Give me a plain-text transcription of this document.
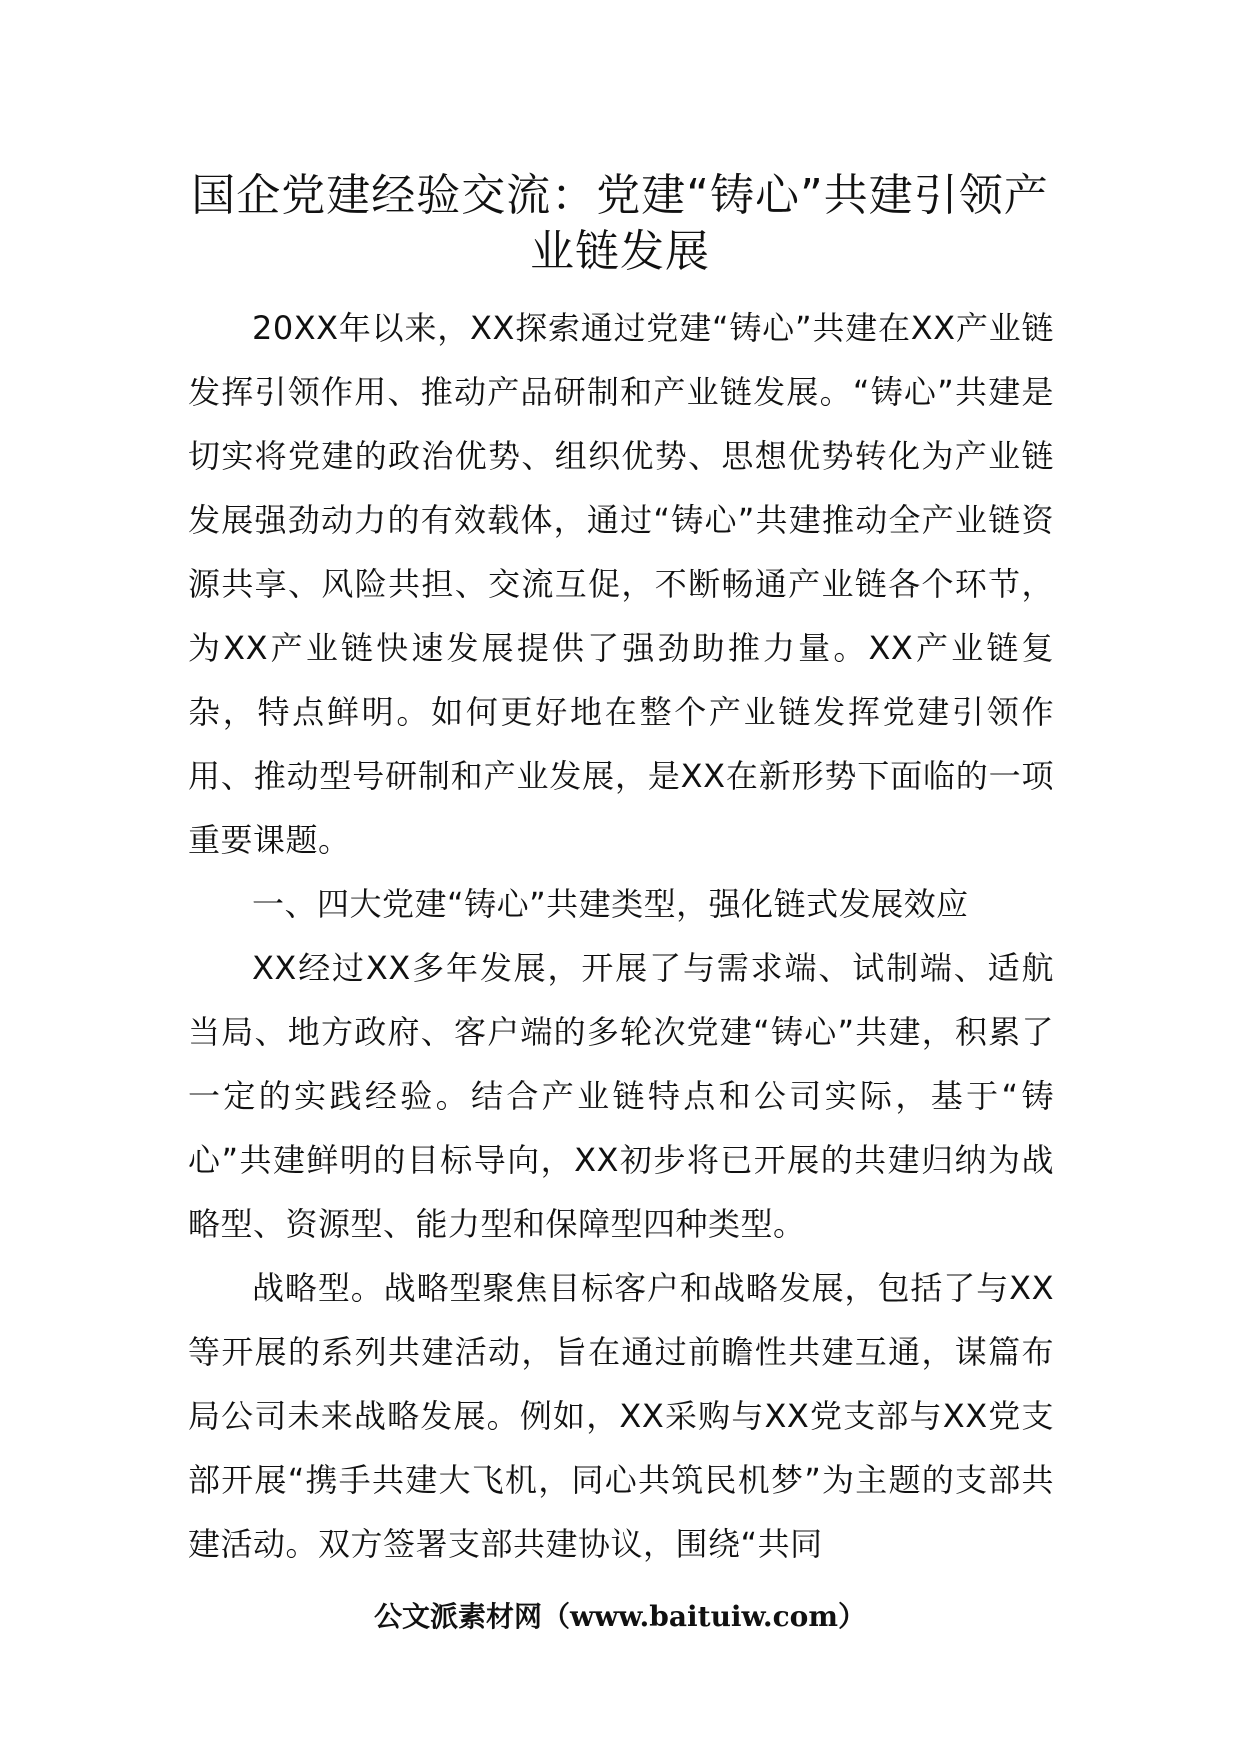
国企党建经验交流：党建“铸心”共建引领产业链发展

20XX年以来，XX探索通过党建“铸心”共建在XX产业链发挥引领作用、推动产品研制和产业链发展。“铸心”共建是切实将党建的政治优势、组织优势、思想优势转化为产业链发展强劲动力的有效载体，通过“铸心”共建推动全产业链资源共享、风险共担、交流互促，不断畅通产业链各个环节，为XX产业链快速发展提供了强劲助推力量。XX产业链复杂，特点鲜明。如何更好地在整个产业链发挥党建引领作用、推动型号研制和产业发展，是XX在新形势下面临的一项重要课题。

一、四大党建“铸心”共建类型，强化链式发展效应

XX经过XX多年发展，开展了与需求端、试制端、适航当局、地方政府、客户端的多轮次党建“铸心”共建，积累了一定的实践经验。结合产业链特点和公司实际，基于“铸心”共建鲜明的目标导向，XX初步将已开展的共建归纳为战略型、资源型、能力型和保障型四种类型。

战略型。战略型聚焦目标客户和战略发展，包括了与XX等开展的系列共建活动，旨在通过前瞻性共建互通，谋篇布局公司未来战略发展。例如，XX采购与XX党支部与XX党支部开展“携手共建大飞机，同心共筑民机梦”为主题的支部共建活动。双方签署支部共建协议，围绕“共同

公文派素材网（www.baituiw.com）
